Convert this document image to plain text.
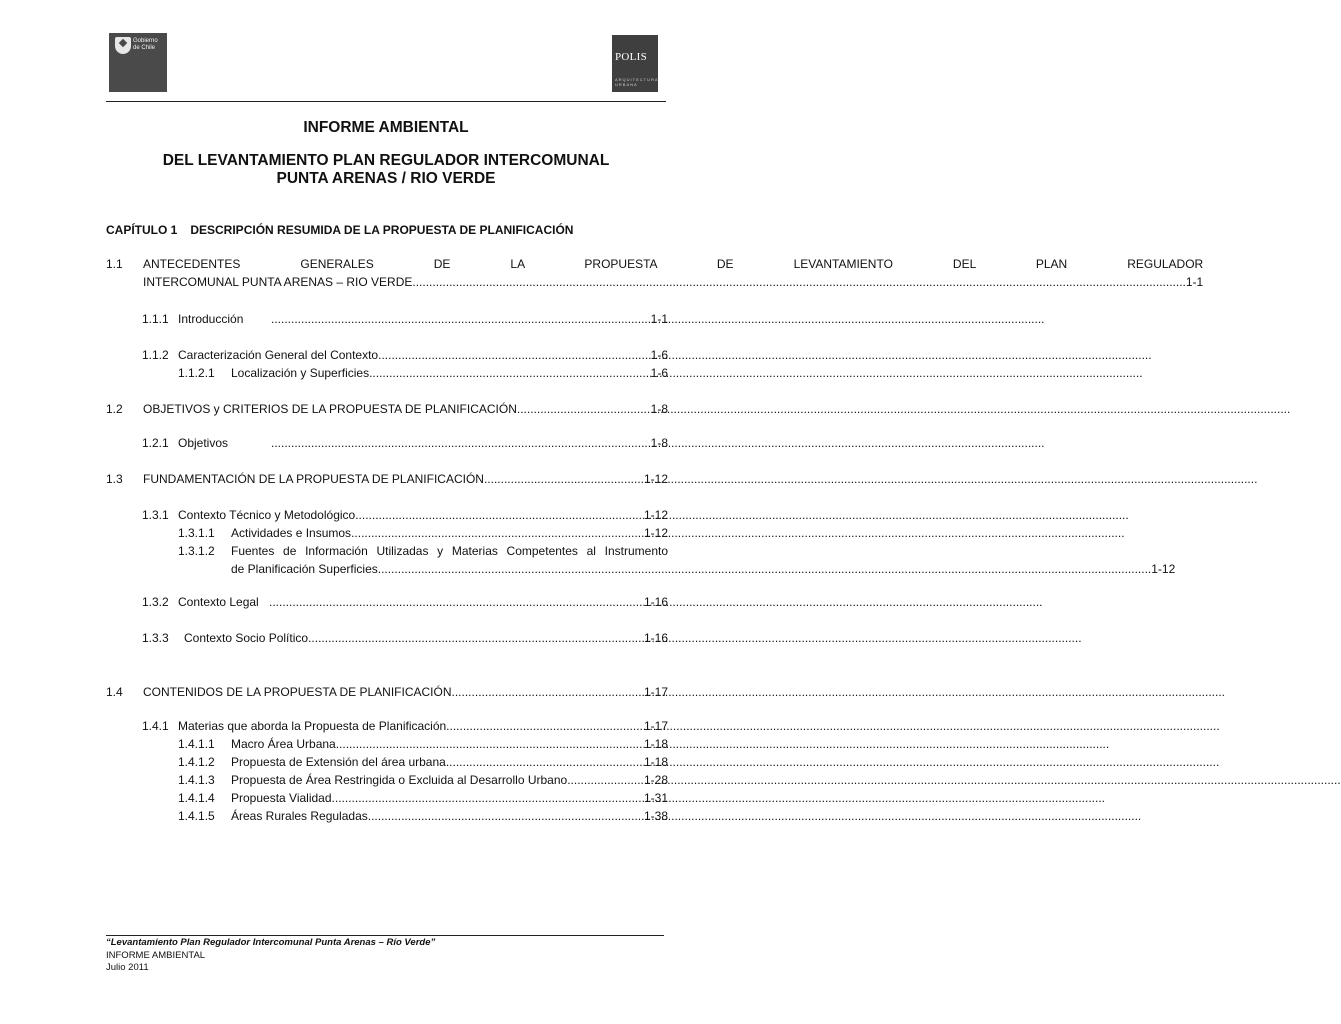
Gobierno de Chile
POLIS
ARQUITECTURA URBANA
INFORME AMBIENTAL
DEL LEVANTAMIENTO PLAN REGULADOR INTERCOMUNAL
PUNTA ARENAS / RIO VERDE
CAPÍTULO 1 DESCRIPCIÓN RESUMIDA DE LA PROPUESTA DE PLANIFICACIÓN
1.1	ANTECEDENTES GENERALES DE LA PROPUESTA DE LEVANTAMIENTO DEL PLAN REGULADOR
INTERCOMUNAL PUNTA ARENAS – RIO VERDE .....	1-1
1.1.1 Introducción .....	1-1
1.1.2 Caracterización General del Contexto .....	1-6
1.1.2.1	Localización y Superficies .....	1-6
1.2	OBJETIVOS y CRITERIOS DE LA PROPUESTA DE PLANIFICACIÓN .....	1-8
1.2.1 Objetivos .....	1-8
1.3	FUNDAMENTACIÓN DE LA PROPUESTA DE PLANIFICACIÓN .....	1-12
1.3.1 Contexto Técnico y Metodológico .....	1-12
1.3.1.1	Actividades e Insumos .....	1-12
1.3.1.2	Fuentes de Información Utilizadas y Materias Competentes al Instrumento
de Planificación Superficies .....	1-12
1.3.2 Contexto Legal .....	1-16
1.3.3	Contexto Socio Político .....	1-16
1.4	CONTENIDOS DE LA PROPUESTA DE PLANIFICACIÓN .....	1-17
1.4.1 Materias que aborda la Propuesta de Planificación .....	1-17
1.4.1.1	Macro Área Urbana .....	1-18
1.4.1.2	Propuesta de Extensión del área urbana .....	1-18
1.4.1.3	Propuesta de Área Restringida o Excluida al Desarrollo Urbano .....	1-28
1.4.1.4	Propuesta Vialidad .....	1-31
1.4.1.5	Áreas Rurales Reguladas .....	1-38
“Levantamiento Plan Regulador Intercomunal Punta Arenas – Río Verde”
INFORME AMBIENTAL
Julio 2011
